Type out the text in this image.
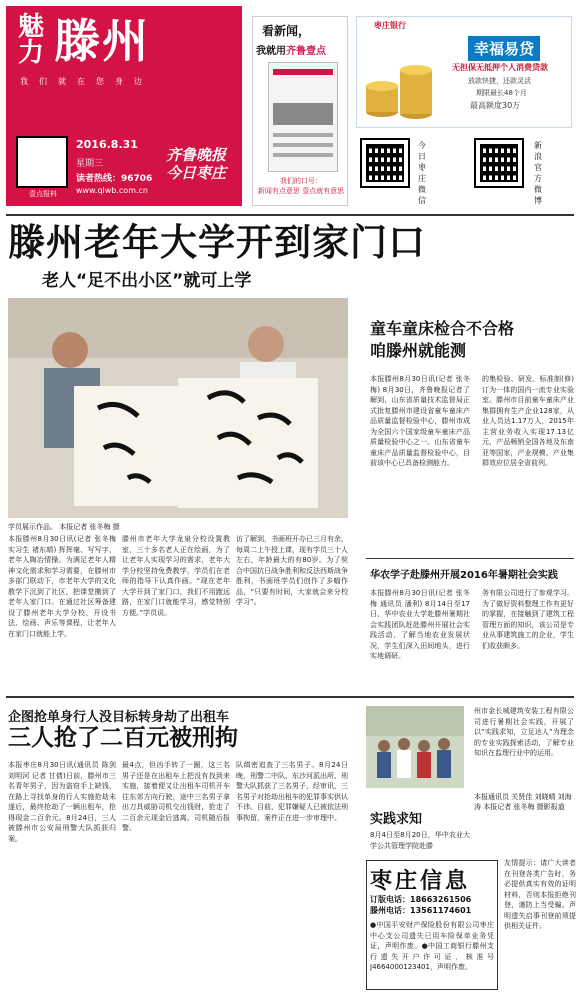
魅力 滕州
我们就在您身边
壹点报料
2016.8.31
星期三
读者热线：96706
www.qlwb.com.cn
齐鲁晚报 今日枣庄
看新闻，
我就用齐鲁壹点
我们的口号：
新闻有点意思 壹点就有意思
枣庄银行
幸福易贷
无担保无抵押个人消费贷款
放款快捷，还款灵活
期限最长48个月
最高额度30万
今日枣庄微信
新浪官方微博
滕州老年大学开到家门口
老人“足不出小区”就可上学
学员展示作品。 本报记者 张冬梅 摄
本报滕州8月30日讯(记者 张冬梅 实习生 褚东晴) 挥挥毫、写写字，老年人陶冶情操。为满足老年人精神文化需求和学习需要，在滕州市多部门联动下，市老年大学的文化教学下沉到了社区，把课堂搬到了老年人家门口。在通过社区筹备建设了滕州老年大学分校，开设书法、绘画、声乐等课程，让老年人在家门口就能上学。
滕州市老年大学龙泉分校设置教室，三十多名老人正在绘画，为了让老年人实现学习的需求，老年大学分校坚持免费教学，学员们在老师的指导下认真作画。“现在老年大学开到了家门口，我们不用跑远路，在家门口就能学习，感觉特别方便。”学员说。
访了解到，书画班开办已三月有余，每周二上午授上课，现有学员三十人左右，年龄最大的有80岁。为了契合中国抗日战争胜利和反法西斯战争胜利，书画班学员们创作了多幅作品，“只要有时间，大家就会来分校学习”。
童车童床检合不合格
咱滕州就能测
本报滕州8月30日讯(记者 张冬梅) 8月30日，齐鲁晚报记者了解到，山东省质量技术监督局正式批复滕州市建设省童车童床产品质量监督检验中心，滕州市成为全国六个国家级童车童床产品质量检验中心之一。山东省童车童床产品质量监督检验中心，目前该中心已具备检测能力。
的集检验、研发、标准制(修)订为一体的国内一流专业实验室。滕州市目前童车童床产业集群拥有生产企业128家，从业人员达1.17万人，2015年主营业务收入实现17.13亿元，产品畅销全国各地及东南亚等国家，产业规模、产业集群效应位居全省前列。
华农学子赴滕州开展2016年暑期社会实践
本报滕州8月30日讯(记者 张冬梅 通讯员 潘利) 8月14日至17日，华中农业大学赴滕州暑期社会实践团队赶赴滕州开展社会实践活动，了解当地农业发展状况，学生们深入田间地头，进行实地调研。
务有限公司进行了参观学习。为了做好资料整理工作有更好的掌握，在接触到了建筑工程管理方面的知识，该公司是专业从事建筑施工的企业，学生们收获颇多。
企图抢单身行人没目标转身劫了出租车
三人抢了二百元被刑拘
本报枣庄8月30日讯(通讯员 陈剑 刘明河 记者 甘倩)日前，滕州市三名青年男子，因为盗窃手上缺钱，在路上寻找单身的行人实施抢劫未遂后，最终抢劫了一辆出租车，抢得现金二百余元。8月24日，三人被滕州市公安局刑警大队抓获归案。
最4点，但凶手转了一圈，这三名男子还是在出租车上把没有找到来实施，接着便又让出租车司机开车往东郊方向行驶，途中三名男子拿出刀具威胁司机交出钱财，抢走了二百余元现金后逃离。司机随后报警。
队缜密追查了三名男子。8月24日晚，刑警二中队、东沙河派出所、刑警大队抓获了三名男子，经审讯，三名男子对抢劫出租车的犯罪事实供认不讳。目前，犯罪嫌疑人已被依法刑事拘留，案件正在进一步审理中。
州市金长城建筑安装工程有限公司进行暑期社会实践，开展了以“实践求知，立足达人”为理念的专业实践探索活动，了解专业知识在监理行业中的运用。
本报通讯员 关贤佳 刘晓晴 刘海涛 本报记者 张冬梅 摄影报道
实践求知
8月4日至8月20日，华中农业大学公共管理学院赴滕
枣庄信息
订版电话：18663261506
滕州电话：13561174601
●中国平安财产保险股份有限公司枣庄中心支公司遗失已用车险保单业务凭证，声明作废。●中国工商银行滕州支行遗失开户许可证，核准号J4664000123401，声明作废。
友情提示：请广大读者在刊登各类广告时，务必提供真实有效的证明材料，否则本报拒绝刊登，谨防上当受骗。声明遗失启事刊登前须提供相关证件。
